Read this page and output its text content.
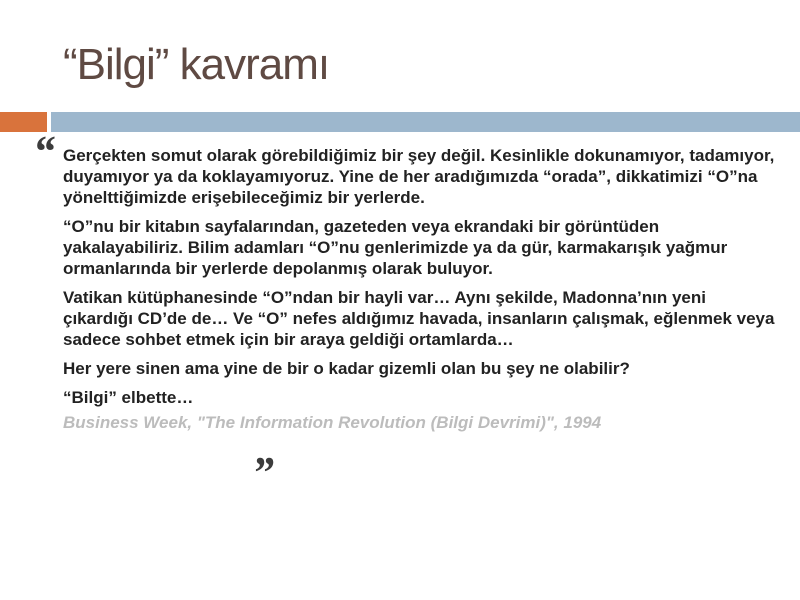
“Bilgi” kavramı
“ Gerçekten somut olarak görebildiğimiz bir şey değil. Kesinlikle dokunamıyor, tadamıyor, duyamıyor ya da koklayamıyoruz. Yine de her aradığımızda “orada”, dikkatimizi “O”na yönelttiğimizde erişebileceğimiz bir yerlerde.

“O”nu bir kitabın sayfalarından, gazeteden veya ekrandaki bir görüntüden yakalayabiliriz. Bilim adamları “O”nu genlerimizde ya da gür, karmakarışık yağmur ormanlarında bir yerlerde depolanmış olarak buluyor.

Vatikan kütüphanesinde “O”ndan bir hayli var… Aynı şekilde, Madonna’nın yeni çıkardığı CD’de de… Ve “O” nefes aldığımız havada, insanların çalışmak, eğlenmek veya sadece sohbet etmek için bir araya geldiği ortamlarda…

Her yere sinen ama yine de bir o kadar gizemli olan bu şey ne olabilir?

“Bilgi” elbette…

Business Week, "The Information Revolution (Bilgi Devrimi)", 1994

”
